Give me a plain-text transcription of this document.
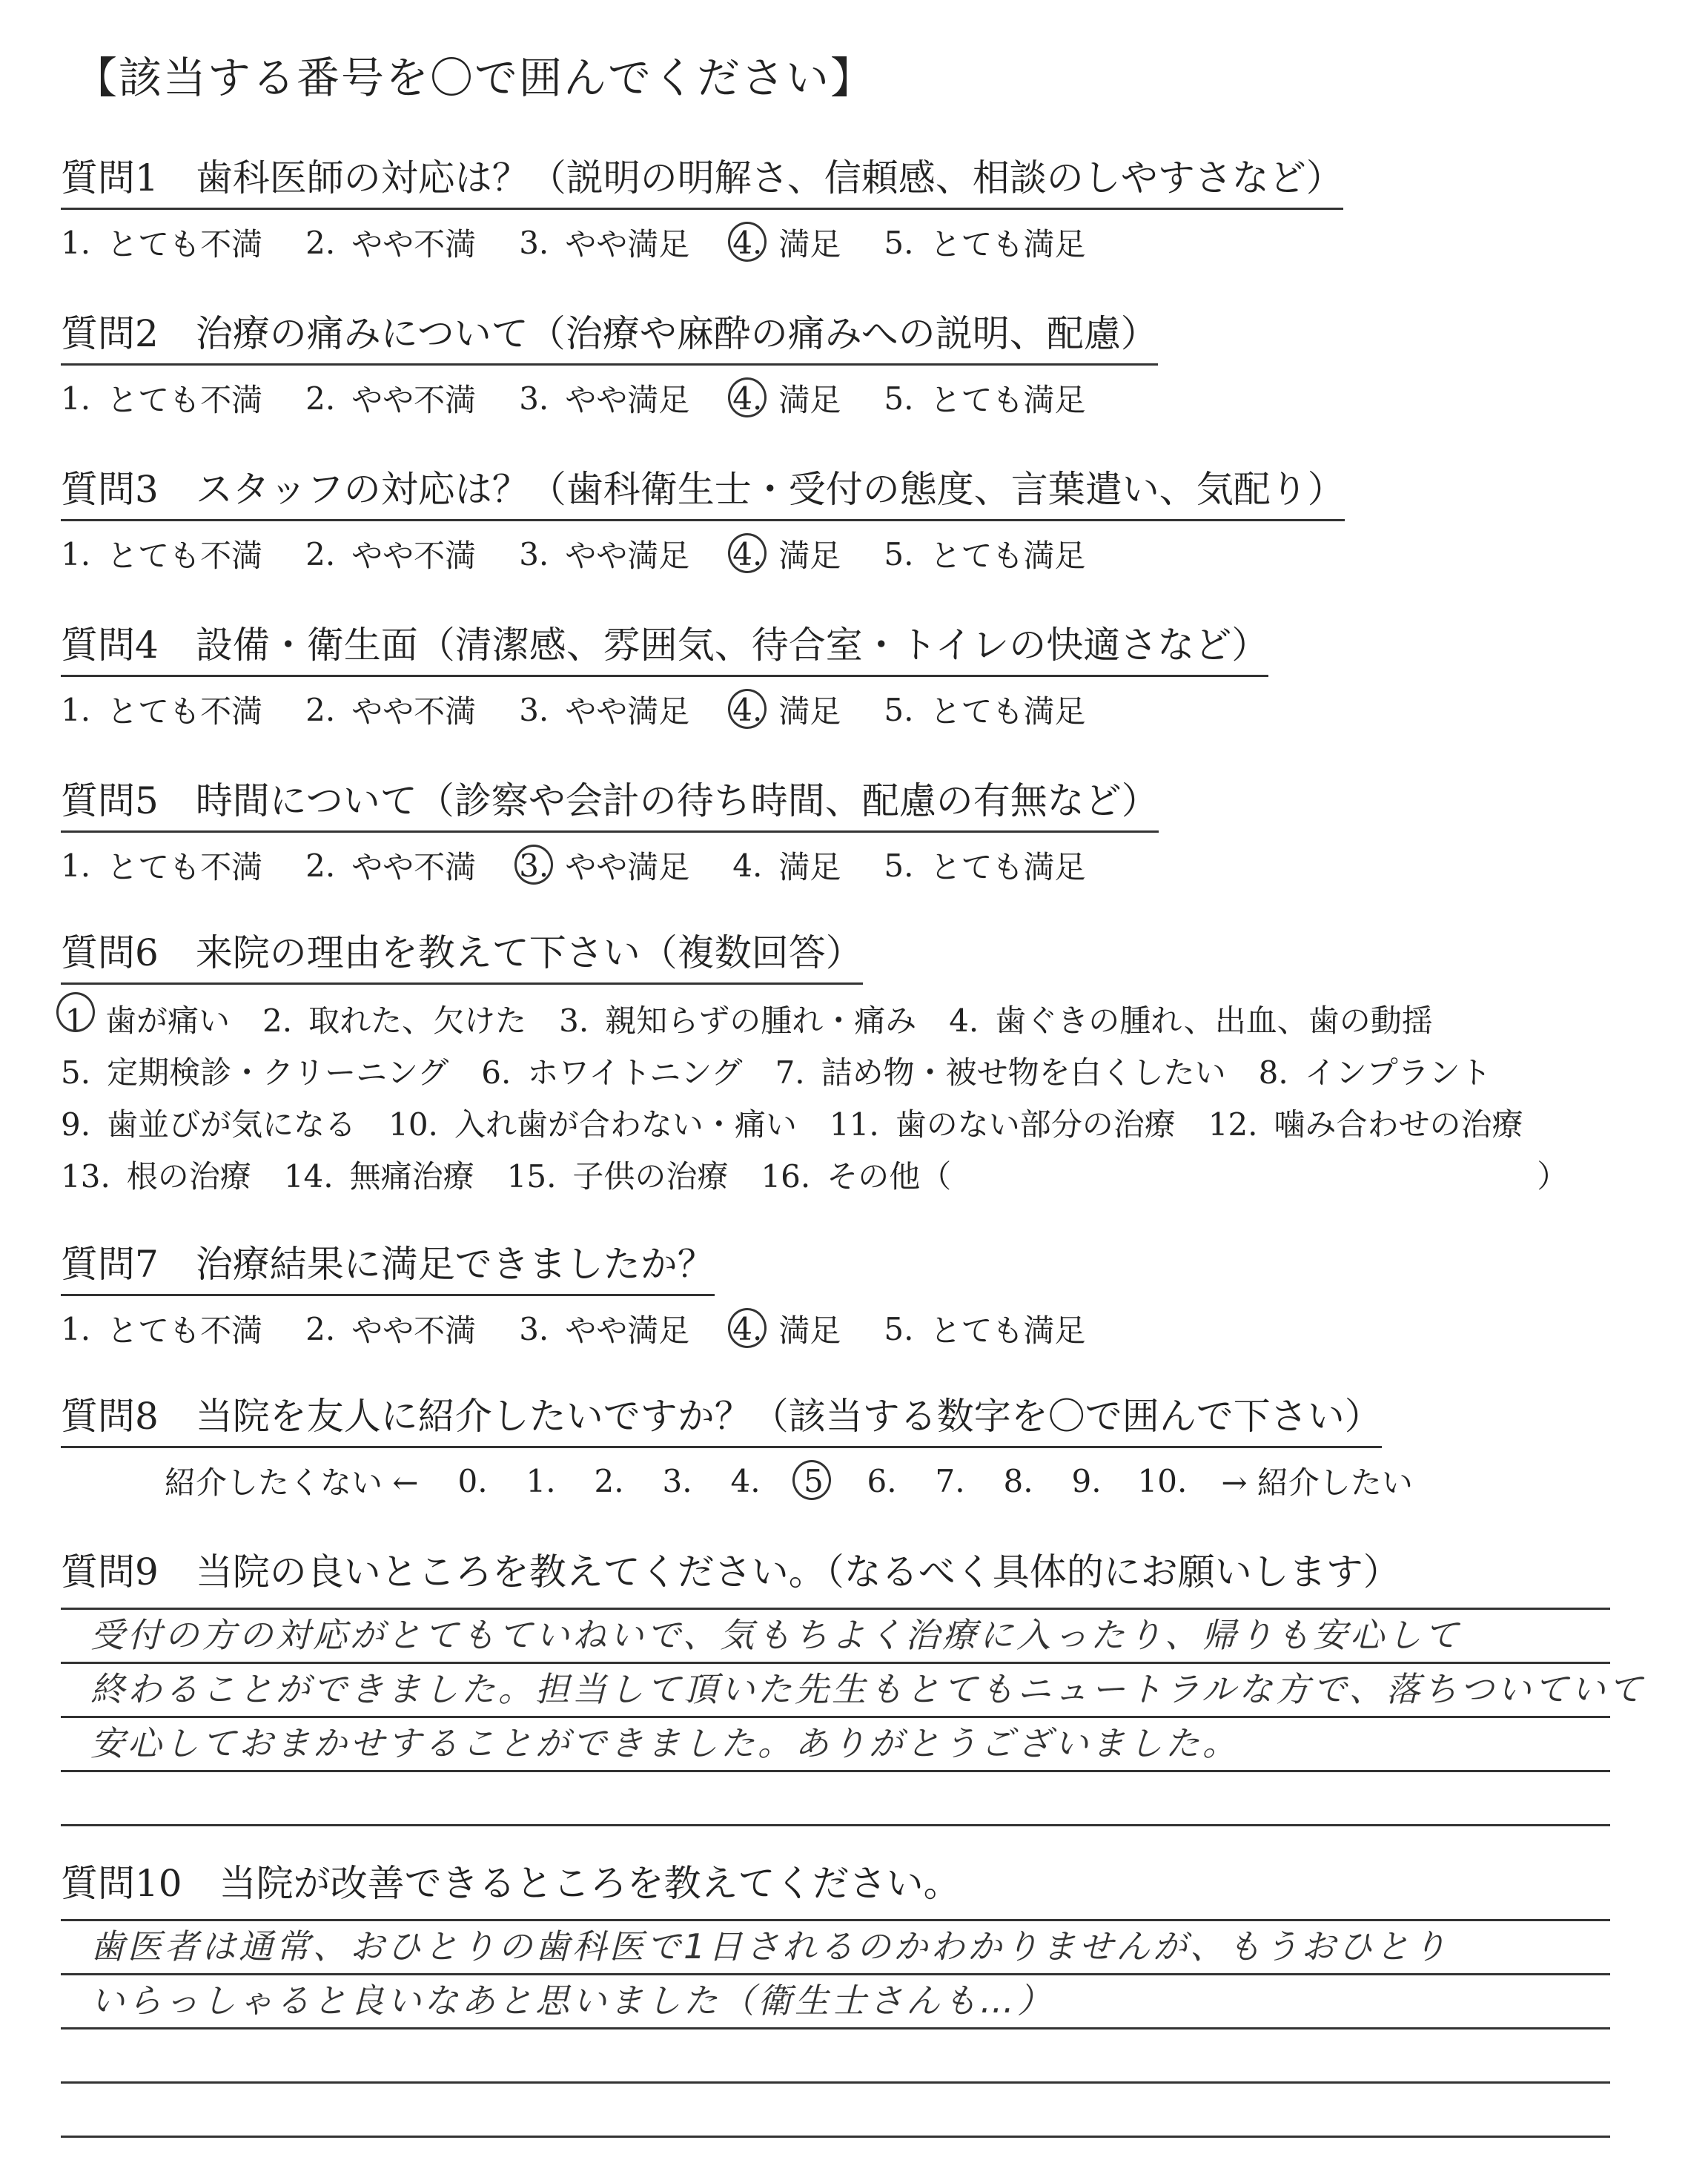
【該当する番号を〇で囲んでください】
質問1 歯科医師の対応は？（説明の明解さ、信頼感、相談のしやすさなど）
1. とても不満 2. やや不満 3. やや満足 4. 満足 5. とても満足
質問2 治療の痛みについて（治療や麻酔の痛みへの説明、配慮）
1. とても不満 2. やや不満 3. やや満足 4. 満足 5. とても満足
質問3 スタッフの対応は？（歯科衛生士・受付の態度、言葉遣い、気配り）
1. とても不満 2. やや不満 3. やや満足 4. 満足 5. とても満足
質問4 設備・衛生面（清潔感、雰囲気、待合室・トイレの快適さなど）
1. とても不満 2. やや不満 3. やや満足 4. 満足 5. とても満足
質問5 時間について（診察や会計の待ち時間、配慮の有無など）
1. とても不満 2. やや不満 3. やや満足 4. 満足 5. とても満足
質問6 来院の理由を教えて下さい（複数回答）
1 歯が痛い 2. 取れた、欠けた 3. 親知らずの腫れ・痛み 4. 歯ぐきの腫れ、出血、歯の動揺
5. 定期検診・クリーニング 6. ホワイトニング 7. 詰め物・被せ物を白くしたい 8. インプラント
9. 歯並びが気になる 10. 入れ歯が合わない・痛い 11. 歯のない部分の治療 12. 噛み合わせの治療
13. 根の治療 14. 無痛治療 15. 子供の治療 16. その他（	）
質問7 治療結果に満足できましたか？
1. とても不満 2. やや不満 3. やや満足 4. 満足 5. とても満足
質問8 当院を友人に紹介したいですか？（該当する数字を〇で囲んで下さい）
紹介したくない ← 0. 1. 2. 3. 4. 5 6. 7. 8. 9. 10. → 紹介したい
質問9 当院の良いところを教えてください。（なるべく具体的にお願いします）
受付の方の対応がとてもていねいで、気もちよく治療に入ったり、帰りも安心して
終わることができました。担当して頂いた先生もとてもニュートラルな方で、落ちついていて
安心しておまかせすることができました。ありがとうございました。
質問10 当院が改善できるところを教えてください。
歯医者は通常、おひとりの歯科医で1日されるのかわかりませんが、もうおひとり
いらっしゃると良いなあと思いました（衛生士さんも…）
